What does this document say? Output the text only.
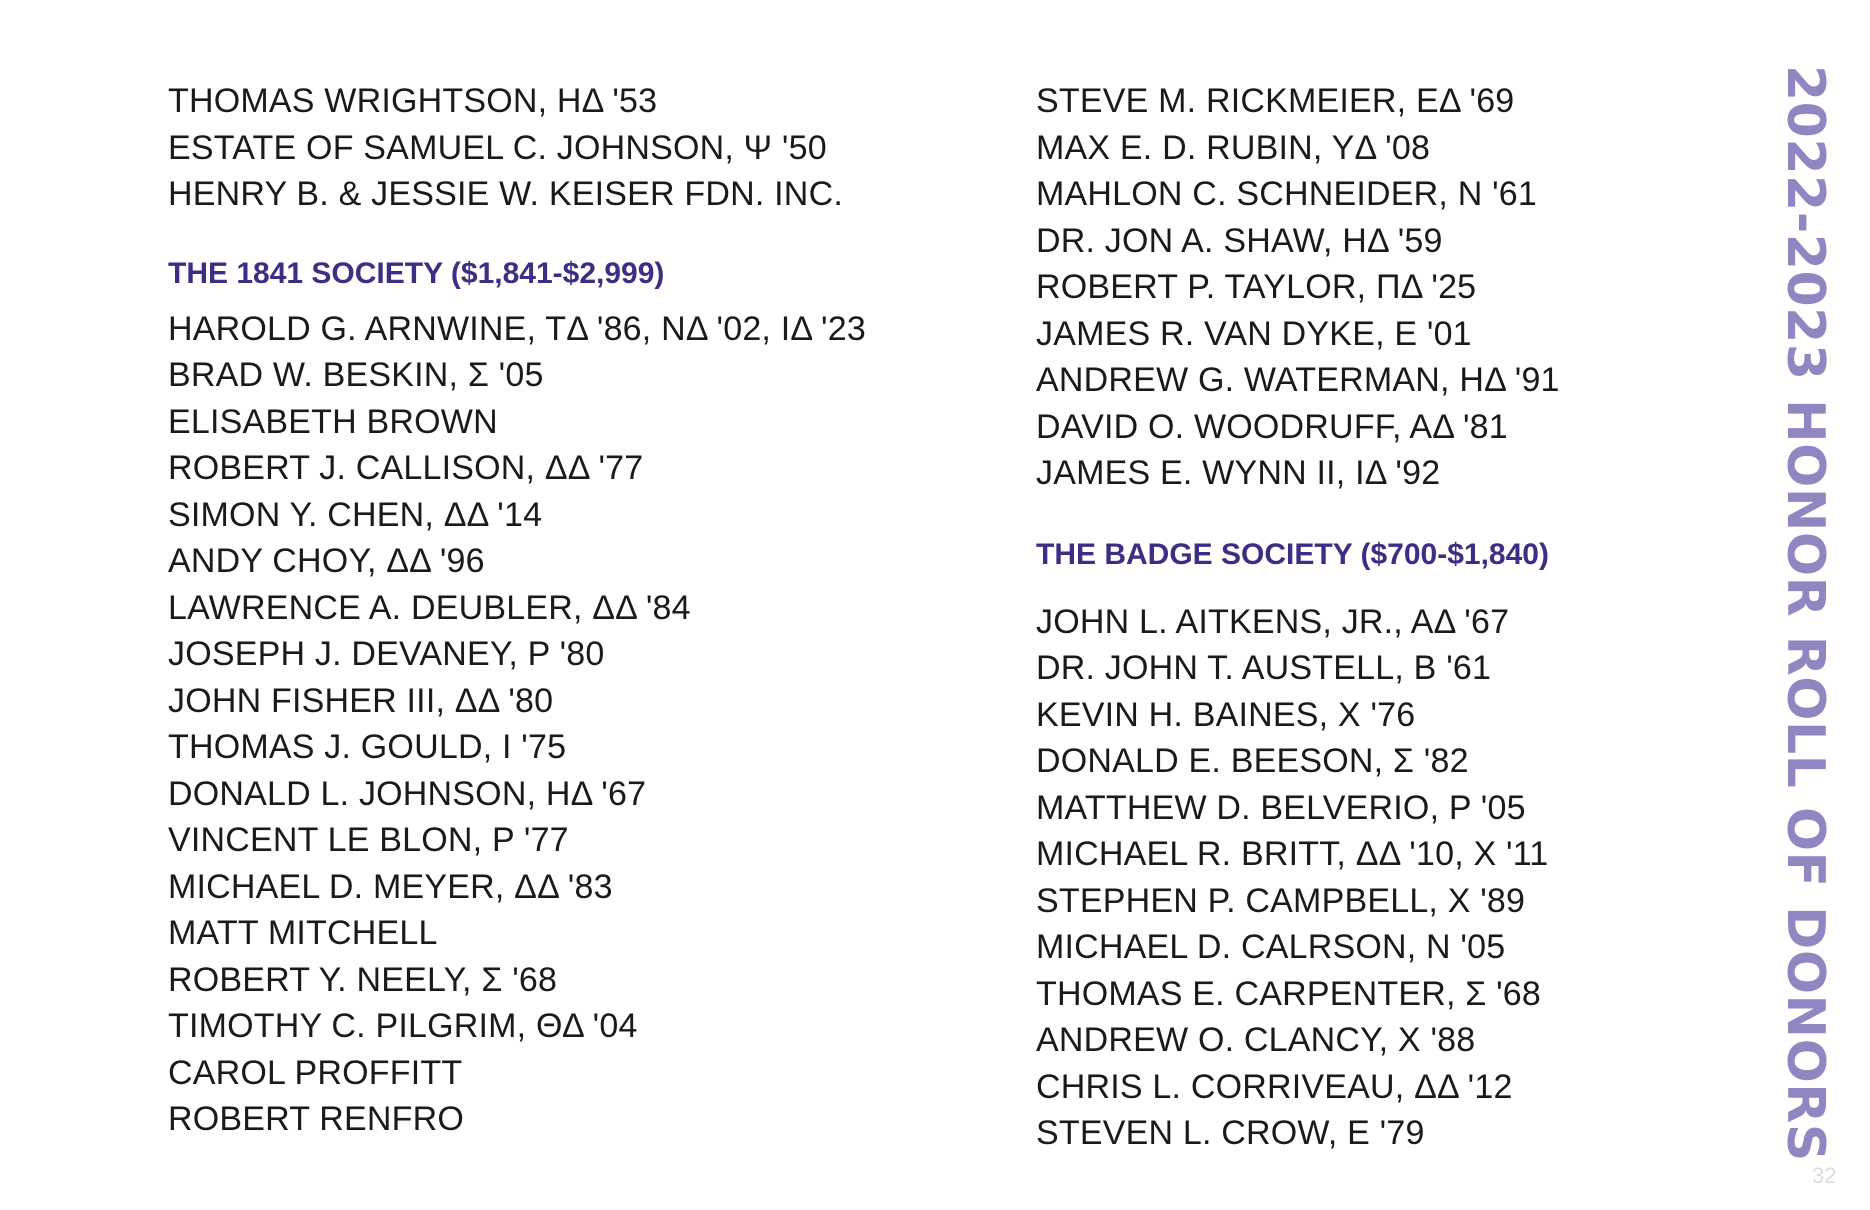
THOMAS WRIGHTSON, HΔ '53
ESTATE OF SAMUEL C. JOHNSON, Ψ '50
HENRY B. & JESSIE W. KEISER FDN. INC.
THE 1841 SOCIETY ($1,841-$2,999)
HAROLD G. ARNWINE, TΔ '86, NΔ '02, IΔ '23
BRAD W. BESKIN, Σ '05
ELISABETH BROWN
ROBERT J. CALLISON, ΔΔ '77
SIMON Y. CHEN, ΔΔ '14
ANDY CHOY, ΔΔ '96
LAWRENCE A. DEUBLER, ΔΔ '84
JOSEPH J. DEVANEY, P '80
JOHN FISHER III, ΔΔ '80
THOMAS J. GOULD, I '75
DONALD L. JOHNSON, HΔ '67
VINCENT LE BLON, P '77
MICHAEL D. MEYER, ΔΔ '83
MATT MITCHELL
ROBERT Y. NEELY, Σ '68
TIMOTHY C. PILGRIM, ΘΔ '04
CAROL PROFFITT
ROBERT RENFRO
STEVE M. RICKMEIER, EΔ '69
MAX E. D. RUBIN, YΔ '08
MAHLON C. SCHNEIDER, N '61
DR. JON A. SHAW, HΔ '59
ROBERT P. TAYLOR, ΠΔ '25
JAMES R. VAN DYKE, E '01
ANDREW G. WATERMAN, HΔ '91
DAVID O. WOODRUFF, AΔ '81
JAMES E. WYNN II, IΔ '92
THE BADGE SOCIETY ($700-$1,840)
JOHN L. AITKENS, JR., AΔ '67
DR. JOHN T. AUSTELL, B '61
KEVIN H. BAINES, X '76
DONALD E. BEESON, Σ '82
MATTHEW D. BELVERIO, P '05
MICHAEL R. BRITT, ΔΔ '10, X '11
STEPHEN P. CAMPBELL, X '89
MICHAEL D. CALRSON, N '05
THOMAS E. CARPENTER, Σ '68
ANDREW O. CLANCY, X '88
CHRIS L. CORRIVEAU, ΔΔ '12
STEVEN L. CROW, E '79	2022-2023 HONOR ROLL OF DONORS
32
